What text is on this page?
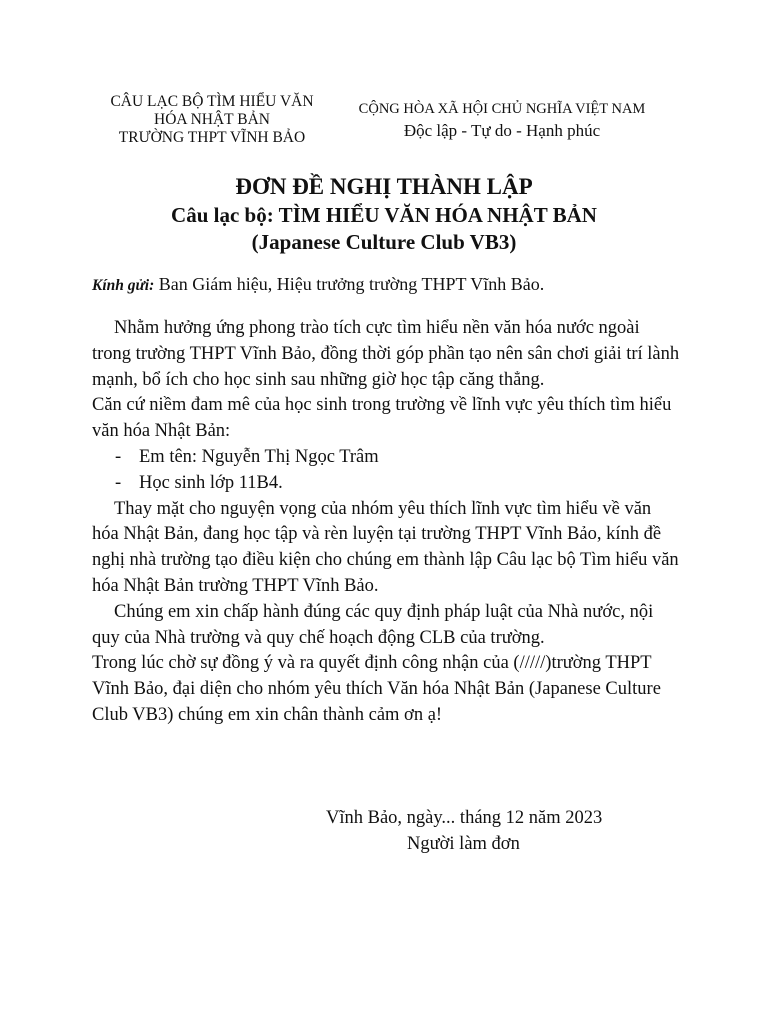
CÂU LẠC BỘ TÌM HIỂU VĂN
HÓA NHẬT BẢN
TRƯỜNG THPT VĨNH BẢO
CỘNG HÒA XÃ HỘI CHỦ NGHĨA VIỆT NAM
Độc lập - Tự do - Hạnh phúc
ĐƠN ĐỀ NGHỊ THÀNH LẬP
Câu lạc bộ: TÌM HIỂU VĂN HÓA NHẬT BẢN
(Japanese Culture Club VB3)
Kính gửi: Ban Giám hiệu, Hiệu trưởng trường THPT Vĩnh Bảo.

Nhằm hưởng ứng phong trào tích cực tìm hiểu nền văn hóa nước ngoài trong trường THPT Vĩnh Bảo, đồng thời góp phần tạo nên sân chơi giải trí lành mạnh, bổ ích cho học sinh sau những giờ học tập căng thẳng.

Căn cứ niềm đam mê của học sinh trong trường về lĩnh vực yêu thích tìm hiểu văn hóa Nhật Bản:

- Em tên: Nguyễn Thị Ngọc Trâm
- Học sinh lớp 11B4.

Thay mặt cho nguyện vọng của nhóm yêu thích lĩnh vực tìm hiểu về văn hóa Nhật Bản, đang học tập và rèn luyện tại trường THPT Vĩnh Bảo, kính đề nghị nhà trường tạo điều kiện cho chúng em thành lập Câu lạc bộ Tìm hiểu văn hóa Nhật Bản trường THPT Vĩnh Bảo.

Chúng em xin chấp hành đúng các quy định pháp luật của Nhà nước, nội quy của Nhà trường và quy chế hoạch động CLB của trường.

Trong lúc chờ sự đồng ý và ra quyết định công nhận của (/////)trường THPT Vĩnh Bảo, đại diện cho nhóm yêu thích Văn hóa Nhật Bản (Japanese Culture Club VB3) chúng em xin chân thành cảm ơn ạ!

Vĩnh Bảo, ngày... tháng 12 năm 2023
Người làm đơn
